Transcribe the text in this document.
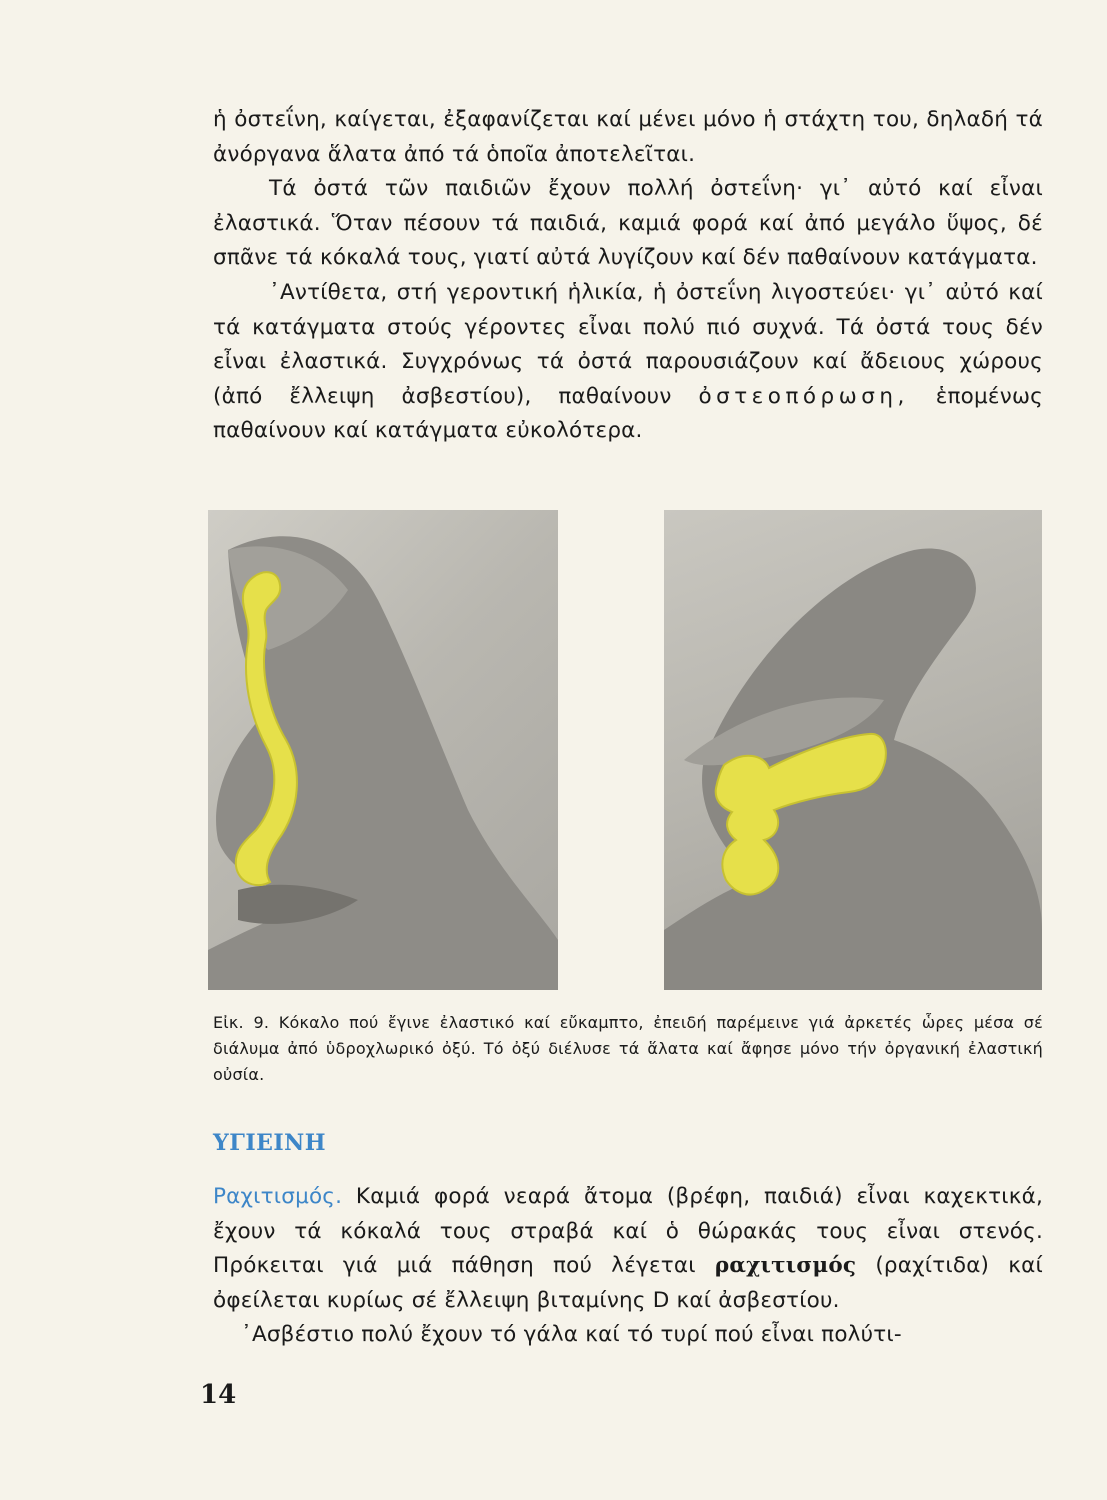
ἡ ὀστεΐνη, καίγεται, ἐξαφανίζεται καί μένει μόνο ἡ στάχτη του, δηλαδή τά ἀνόργανα ἅλατα ἀπό τά ὁποῖα ἀποτελεῖται.

Τά ὀστά τῶν παιδιῶν ἔχουν πολλή ὀστεΐνη· γι᾽ αὐτό καί εἶναι ἐλαστικά. Ὅταν πέσουν τά παιδιά, καμιά φορά καί ἀπό μεγάλο ὕψος, δέ σπᾶνε τά κόκαλά τους, γιατί αὐτά λυγίζουν καί δέν παθαίνουν κατάγματα.

᾽Αντίθετα, στή γεροντική ἡλικία, ἡ ὀστεΐνη λιγοστεύει· γι᾽ αὐτό καί τά κατάγματα στούς γέροντες εἶναι πολύ πιό συχνά. Τά ὀστά τους δέν εἶναι ἐλαστικά. Συγχρόνως τά ὀστά παρουσιάζουν καί ἄδειους χώρους (ἀπό ἔλλειψη ἀσβεστίου), παθαίνουν ὀστεοπόρωση, ἑπομένως παθαίνουν καί κατάγματα εὐκολότερα.

Εἰκ. 9. Κόκαλο πού ἔγινε ἐλαστικό καί εὔκαμπτο, ἐπειδή παρέμεινε γιά ἀρκετές ὧρες μέσα σέ διάλυμα ἀπό ὑδροχλωρικό ὀξύ. Τό ὀξύ διέλυσε τά ἅλατα καί ἄφησε μόνο τήν ὀργανική ἐλαστική οὐσία.

ΥΓΙΕΙΝΗ

Ραχιτισμός. Καμιά φορά νεαρά ἄτομα (βρέφη, παιδιά) εἶναι καχεκτικά, ἔχουν τά κόκαλά τους στραβά καί ὁ θώρακάς τους εἶναι στενός. Πρόκειται γιά μιά πάθηση πού λέγεται ραχιτισμός (ραχίτιδα) καί ὀφείλεται κυρίως σέ ἔλλειψη βιταμίνης D καί ἀσβεστίου.

᾽Ασβέστιο πολύ ἔχουν τό γάλα καί τό τυρί πού εἶναι πολύτι-

14
